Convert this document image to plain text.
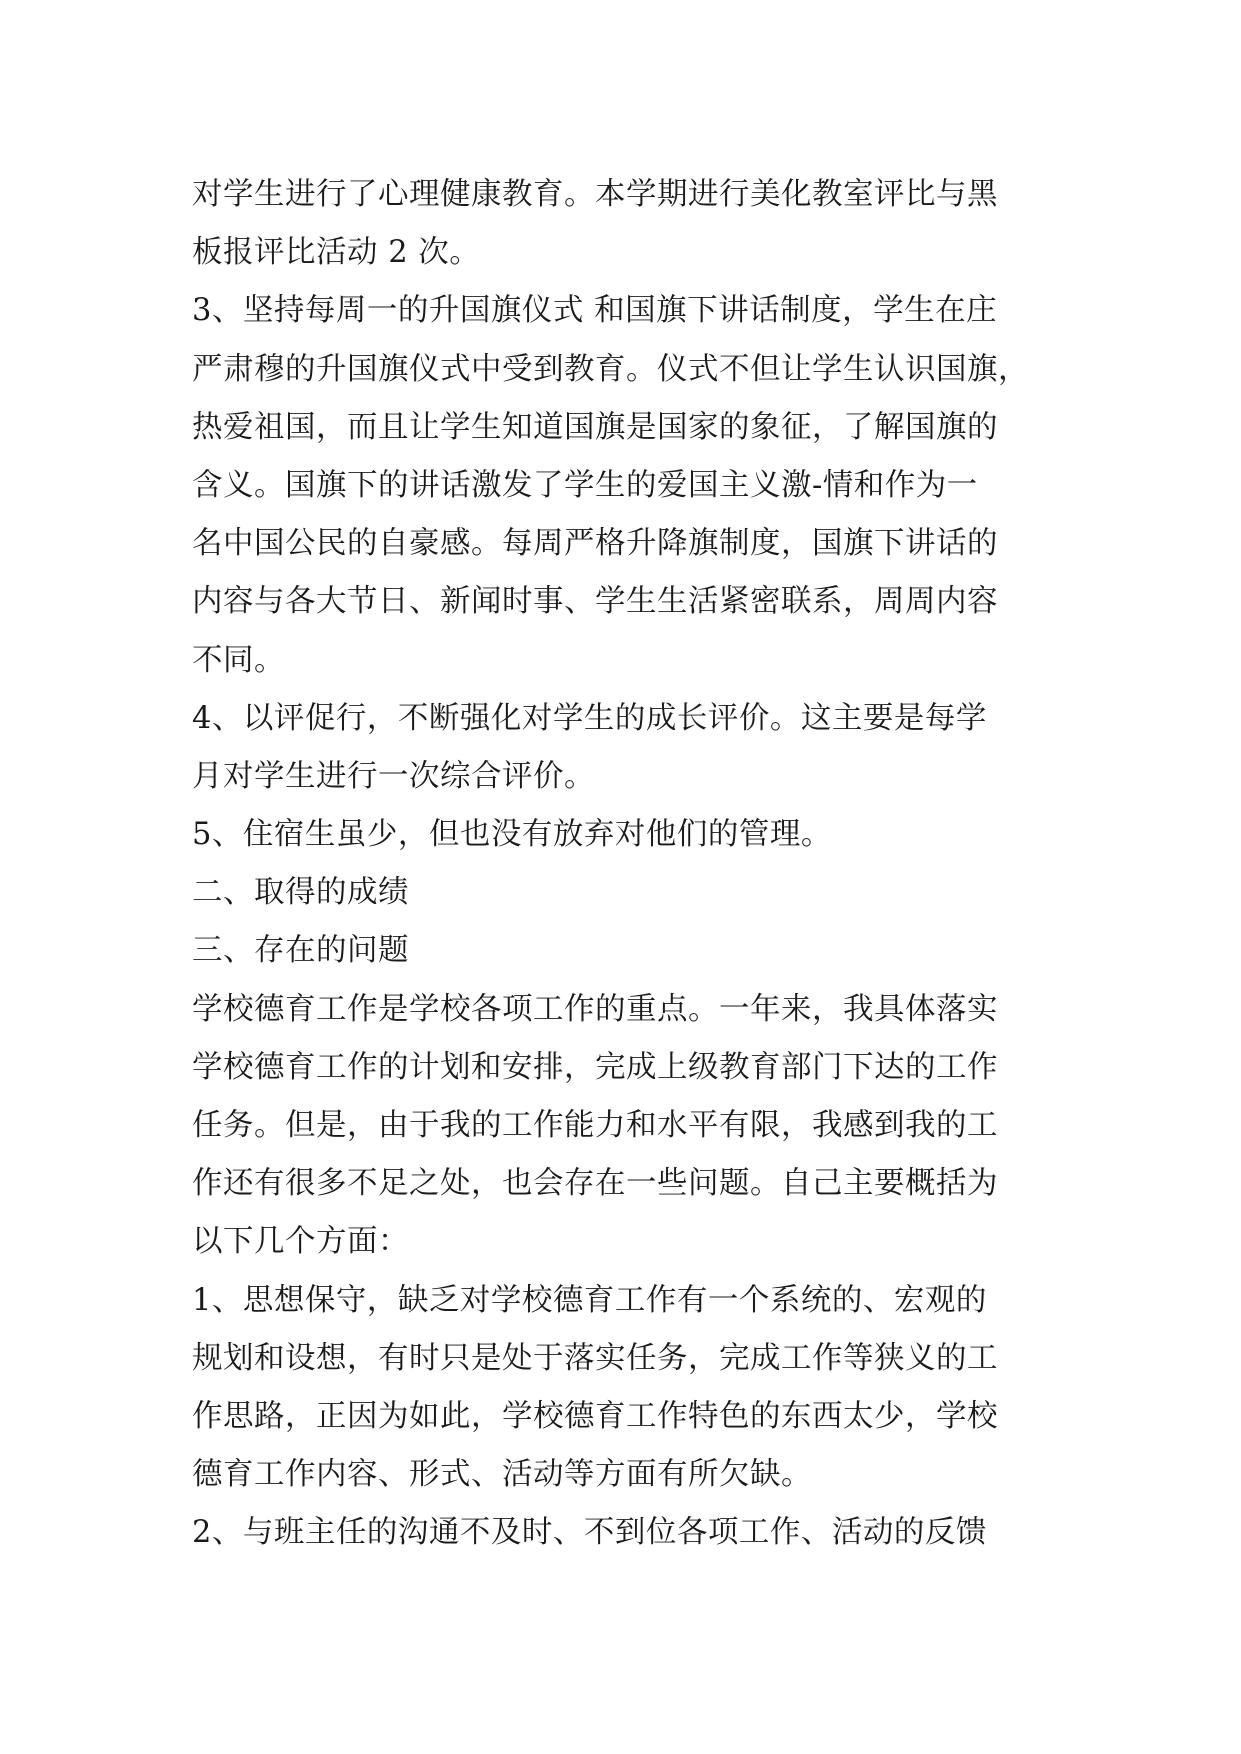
对学生进行了心理健康教育。本学期进行美化教室评比与黑
板报评比活动 2 次。
3、坚持每周一的升国旗仪式 和国旗下讲话制度，学生在庄
严肃穆的升国旗仪式中受到教育。仪式不但让学生认识国旗，
热爱祖国，而且让学生知道国旗是国家的象征，了解国旗的
含义。国旗下的讲话激发了学生的爱国主义激-情和作为一
名中国公民的自豪感。每周严格升降旗制度，国旗下讲话的
内容与各大节日、新闻时事、学生生活紧密联系，周周内容
不同。
4、以评促行，不断强化对学生的成长评价。这主要是每学
月对学生进行一次综合评价。
5、住宿生虽少，但也没有放弃对他们的管理。
二、取得的成绩
三、存在的问题
学校德育工作是学校各项工作的重点。一年来，我具体落实
学校德育工作的计划和安排，完成上级教育部门下达的工作
任务。但是，由于我的工作能力和水平有限，我感到我的工
作还有很多不足之处，也会存在一些问题。自己主要概括为
以下几个方面：
1、思想保守，缺乏对学校德育工作有一个系统的、宏观的
规划和设想，有时只是处于落实任务，完成工作等狭义的工
作思路，正因为如此，学校德育工作特色的东西太少，学校
德育工作内容、形式、活动等方面有所欠缺。
2、与班主任的沟通不及时、不到位各项工作、活动的反馈
